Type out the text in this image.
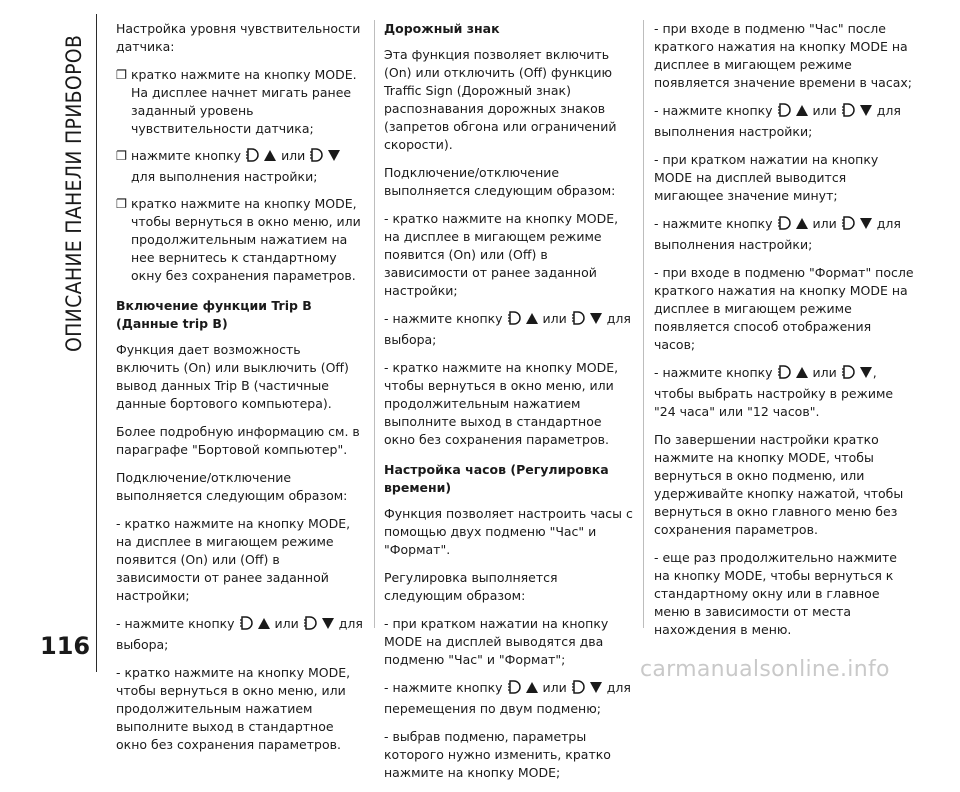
ОПИСАНИЕ ПАНЕЛИ ПРИБОРОВ

Настройка уровня чувствительности датчика:

❐ кратко нажмите на кнопку MODE. На дисплее начнет мигать ранее заданный уровень чувствительности датчика;
❐ нажмите кнопку	или  для выполнения настройки;
❐ кратко нажмите на кнопку MODE, чтобы вернуться в окно меню, или продолжительным нажатием на нее вернитесь к стандартному окну без сохранения параметров.

Включение функции Trip B (Данные trip B)

Функция дает возможность включить (On) или выключить (Off) вывод данных Trip B (частичные данные бортового компьютера).

Более подробную информацию см. в параграфе "Бортовой компьютер".

Подключение/отключение выполняется следующим образом:

- кратко нажмите на кнопку MODE, на дисплее в мигающем режиме появится (On) или (Off) в зависимости от ранее заданной настройки;

- нажмите кнопку	или	для выбора;

- кратко нажмите на кнопку MODE, чтобы вернуться в окно меню, или продолжительным нажатием выполните выход в стандартное окно без сохранения параметров.

Дорожный знак

Эта функция позволяет включить (On) или отключить (Off) функцию Traffic Sign (Дорожный знак) распознавания дорожных знаков (запретов обгона или ограничений скорости).

Подключение/отключение выполняется следующим образом:

- кратко нажмите на кнопку MODE, на дисплее в мигающем режиме появится (On) или (Off) в зависимости от ранее заданной настройки;

- нажмите кнопку	или	для выбора;

- кратко нажмите на кнопку MODE, чтобы вернуться в окно меню, или продолжительным нажатием выполните выход в стандартное окно без сохранения параметров.

Настройка часов (Регулировка времени)

Функция позволяет настроить часы с помощью двух подменю "Час" и "Формат".

Регулировка выполняется следующим образом:

- при кратком нажатии на кнопку MODE на дисплей выводятся два подменю "Час" и "Формат";

- нажмите кнопку	или	для перемещения по двум подменю;

- выбрав подменю, параметры которого нужно изменить, кратко нажмите на кнопку MODE;

- при входе в подменю "Час" после краткого нажатия на кнопку MODE на дисплее в мигающем режиме появляется значение времени в часах;

- нажмите кнопку	или	для выполнения настройки;

- при кратком нажатии на кнопку MODE на дисплей выводится мигающее значение минут;

- нажмите кнопку	или	для выполнения настройки;

- при входе в подменю "Формат" после краткого нажатия на кнопку MODE на дисплее в мигающем режиме появляется способ отображения часов;

- нажмите кнопку	или	, чтобы выбрать настройку в режиме "24 часа" или "12 часов".

По завершении настройки кратко нажмите на кнопку MODE, чтобы вернуться в окно подменю, или удерживайте кнопку нажатой, чтобы вернуться в окно главного меню без сохранения параметров.

- еще раз продолжительно нажмите на кнопку MODE, чтобы вернуться к стандартному окну или в главное меню в зависимости от места нахождения в меню.

116
carmanualsonline.info
